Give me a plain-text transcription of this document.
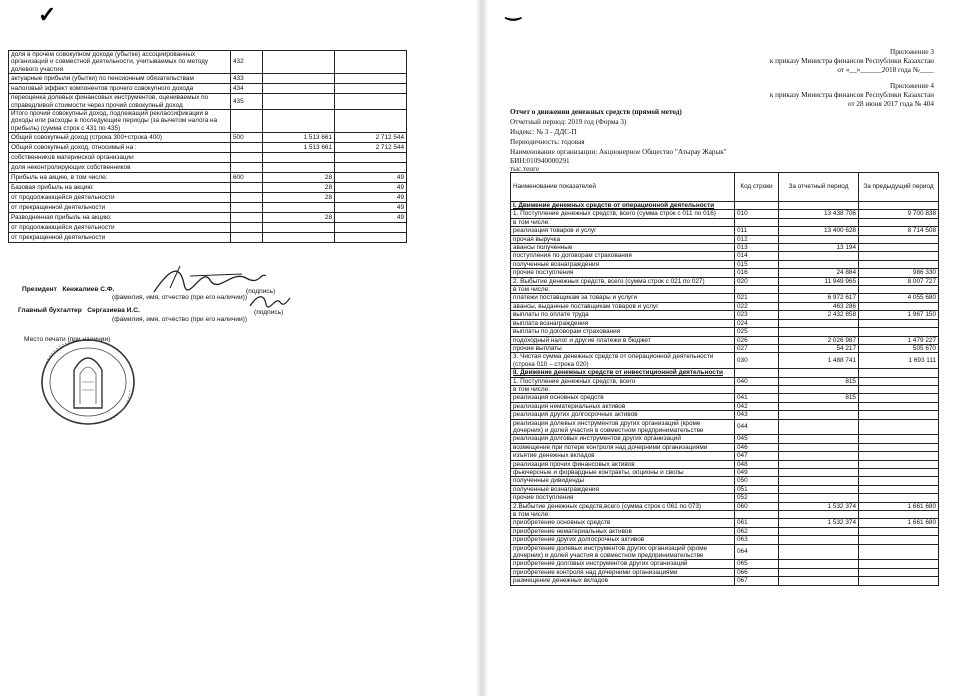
✓
доля в прочем совокупном доходе (убытке) ассоциированных организаций и совместной деятельности, учитываемых по методу долевого участия	432		
актуарные прибыли (убытки) по пенсионным обязательствам	433		
налоговый эффект компонентов прочего совокупного дохода	434		
переоценка долевых финансовых инструментов, оцениваемых по справедливой стоимости через прочий совокупный доход	435		
Итого прочий совокупный доход, подлежащий реклассификации в доходы или расходы в последующие периоды (за вычетом налога на прибыль) (сумма строк с 431 по 435)			
Общий совокупный доход (строка 300+строка 400)	500	1 513 661	2 712 544
Общий совокупный доход, относимый на :		1 513 661	2 712 544
собственников материнской организации			
доля неконтролирующих собственников			
Прибыль на акцию, в том числе:	600	28	49
Базовая прибыль на акцию:		28	49
от продолжающейся деятельности		28	49
от прекращенной деятельности			49
Разводненная прибыль на акцию:		28	49
от продолжающейся деятельности			
от прекращенной деятельности			
Президент Кенжалиев С.Ф.
(фамилия, имя, отчество (при его наличии))
(подпись)
Главный бухгалтер Сергазиева И.С.
(фамилия, имя, отчество (при его наличии))
(подпись)
Место печати (при наличии)
‿
Приложение 3
к приказу Министра финансов Республики Казахстан
от «__»______2018 года №____
Приложение 4
к приказу Министра финансов Республики Казахстан
от 28 июня 2017 года № 404
Отчет о движении денежных средств (прямой метод)
Отчетный период: 2019 год (Форма 3)
Индекс: № 3 - ДДС-П
Периодичность: годовая
Наименование организации: Акционерное Общество "Атырау Жарык"
БИН:010940000291
тыс.тенге
Наименование показателей	Код строки	За отчетный период	За предыдущий период
I. Движение денежных средств от операционной деятельности			
1. Поступление денежных средств, всего (сумма строк с 011 по 016)	010	13 438 706	9 700 838
в том числе:			
реализация товаров и услуг	011	13 400 628	8 714 508
прочая выручка	012		
авансы полученные	013	13 194	
поступления по договорам страхования	014		
полученные вознаграждения	015		
прочие поступления	016	24 884	986 330
2. Выбытие денежных средств, всего (сумма строк с 021 по 027)	020	11 949 965	8 007 727
в том числе:			
платежи поставщикам за товары и услуги	021	6 972 617	4 055 680
авансы, выданные поставщикам товаров и услуг	022	463 286	
выплаты по оплате труда	023	2 432 858	1 967 150
выплата вознаграждения	024		
выплаты по договорам страхования	025		
подоходный налог и другие платежи в бюджет	026	2 026 987	1 479 227
прочие выплаты	027	54 217	505 670
3. Чистая сумма денежных средств от операционной деятельности (строка 010 – строка 020)	030	1 488 741	1 693 111
II. Движение денежных средств от инвестиционной деятельности			
1. Поступление денежных средств, всего	040	815	
в том числе:			
реализация основных средств	041	815	
реализация нематериальных активов	042		
реализация других долгосрочных активов	043		
реализация долевых инструментов других организаций (кроме дочерних) и долей участия в совместном предпринимательстве	044		
реализация долговых инструментов других организаций	045		
возмещение при потере контроля над дочерними организациями	046		
изъятие денежных вкладов	047		
реализация прочих финансовых активов	048		
фьючерсные и форвардные контракты, опционы и свопы	049		
полученные дивиденды	050		
полученные вознаграждения	051		
прочие поступления	052		
2.Выбытие денежных средств,всего (сумма строк с 061 по 073)	060	1 532 374	1 661 680
в том числе:			
приобретение основных средств	061	1 532 374	1 661 680
приобретение нематериальных активов	062		
приобретение других долгосрочных активов	063		
приобретение долевых инструментов других организаций (кроме дочерних) и долей участия в совместном предпринимательстве	064		
приобретение долговых инструментов других организаций	065		
приобретение контроля над дочерними организациями	066		
размещение денежных вкладов	067		
